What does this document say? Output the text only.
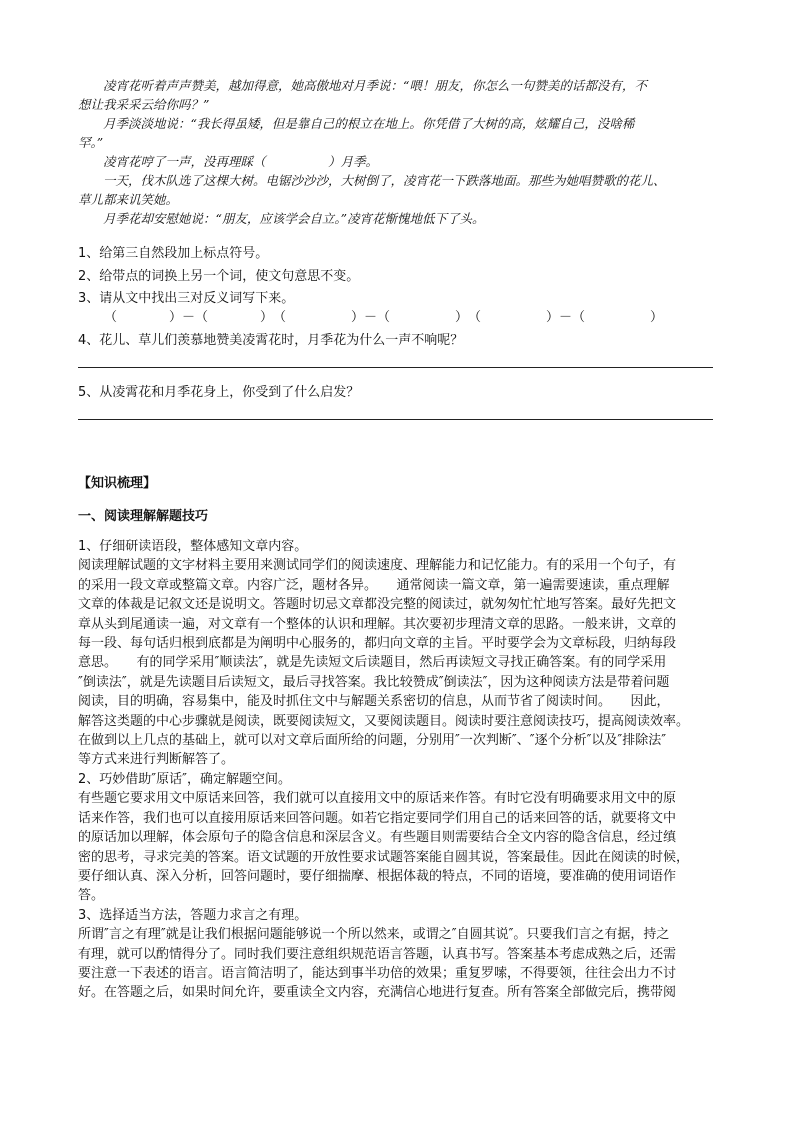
凌宵花听着声声赞美，越加得意，她高傲地对月季说：“喂！朋友，你怎么一句赞美的话都没有，不

想让我采采云给你吗？”

月季淡淡地说：“我长得虽矮，但是靠自己的根立在地上。你凭借了大树的高，炫耀自己，没啥稀

罕。”

凌宵花哼了一声，没再理睬（　　　　　）月季。

一天，伐木队选了这棵大树。电锯沙沙沙，大树倒了，凌宵花一下跌落地面。那些为她唱赞歌的花儿、

草儿都来讥笑她。

月季花却安慰她说：“朋友，应该学会自立。”凌宵花惭愧地低下了头。

1、给第三自然段加上标点符号。
2、给带点的词换上另一个词，使文句意思不变。
3、请从文中找出三对反义词写下来。
（　　　　）－（　　　　）　（　　　　　）－（　　　　　）　（　　　　　）－（　　　　　）
4、花儿、草儿们羡慕地赞美凌霄花时，月季花为什么一声不响呢？
5、从凌霄花和月季花身上，你受到了什么启发？
【知识梳理】
一、阅读理解解题技巧

1、仔细研读语段，整体感知文章内容。

阅读理解试题的文字材料主要用来测试同学们的阅读速度、理解能力和记忆能力。有的采用一个句子，有

的采用一段文章或整篇文章。内容广泛，题材各异。　　通常阅读一篇文章，第一遍需要速读，重点理解

文章的体裁是记叙文还是说明文。答题时切忌文章都没完整的阅读过，就匆匆忙忙地写答案。最好先把文

章从头到尾通读一遍，对文章有一个整体的认识和理解。其次要初步理清文章的思路。一般来讲，文章的

每一段、每句话归根到底都是为阐明中心服务的，都归向文章的主旨。平时要学会为文章标段，归纳每段

意思。　　有的同学采用″顺读法″，就是先读短文后读题目，然后再读短文寻找正确答案。有的同学采用

″倒读法″，就是先读题目后读短文，最后寻找答案。我比较赞成″倒读法″，因为这种阅读方法是带着问题

阅读，目的明确，容易集中，能及时抓住文中与解题关系密切的信息，从而节省了阅读时间。　　因此，

解答这类题的中心步骤就是阅读，既要阅读短文，又要阅读题目。阅读时要注意阅读技巧，提高阅读效率。

在做到以上几点的基础上，就可以对文章后面所给的问题，分别用″一次判断″、″逐个分析″以及″排除法″

等方式来进行判断解答了。

2、巧妙借助″原话″，确定解题空间。

有些题它要求用文中原话来回答，我们就可以直接用文中的原话来作答。有时它没有明确要求用文中的原

话来作答，我们也可以直接用原话来回答问题。如若它指定要同学们用自己的话来回答的话，就要将文中

的原话加以理解，体会原句子的隐含信息和深层含义。有些题目则需要结合全文内容的隐含信息，经过缜

密的思考，寻求完美的答案。语文试题的开放性要求试题答案能自圆其说，答案最佳。因此在阅读的时候，

要仔细认真、深入分析，回答问题时，要仔细揣摩、根据体裁的特点，不同的语境，要准确的使用词语作

答。

3、选择适当方法，答题力求言之有理。

所谓″言之有理″就是让我们根据问题能够说一个所以然来，或谓之″自圆其说″。只要我们言之有据，持之

有理，就可以酌情得分了。同时我们要注意组织规范语言答题，认真书写。答案基本考虑成熟之后，还需

要注意一下表述的语言。语言简洁明了，能达到事半功倍的效果；重复罗嗦，不得要领，往往会出力不讨

好。在答题之后，如果时间允许，要重读全文内容，充满信心地进行复查。所有答案全部做完后，携带阅
